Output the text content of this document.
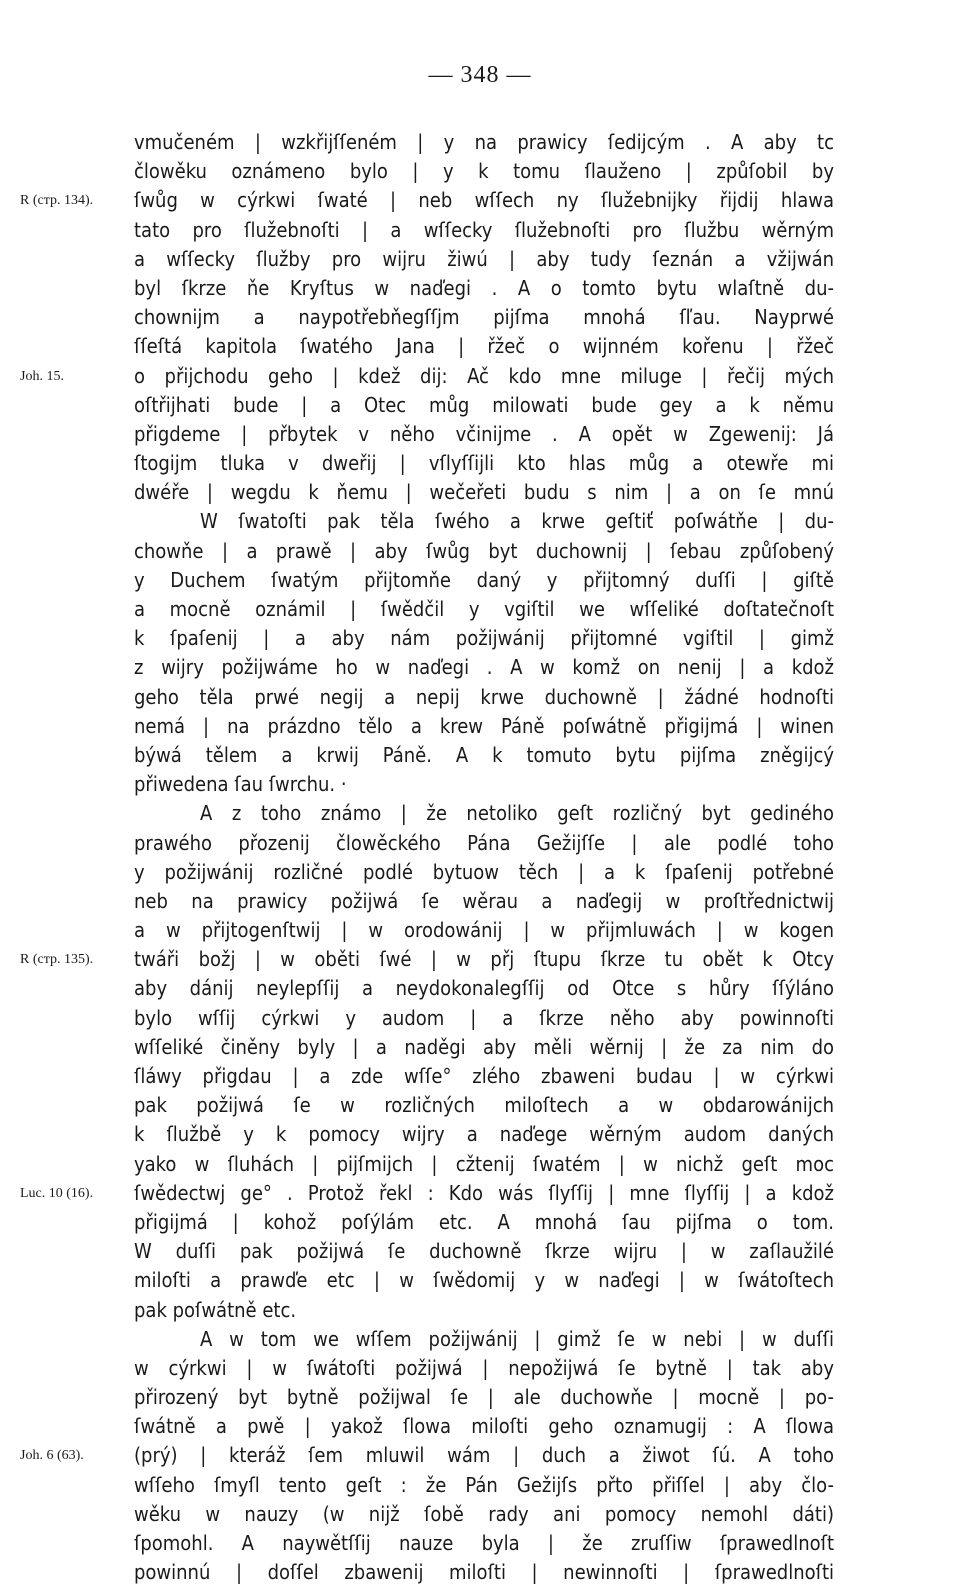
— 348 —
vmučeném | wzkřijſſeném | y na prawicy ſedijcým . A aby tc
člowěku oznámeno bylo | y k tomu ſlauženo | způſobil by
R (стр. 134).	ſwůg w cýrkwi ſwaté | neb wſſech ny ſlužebnijky řijdij hlawa
tato pro ſlužebnoſti | a wſſecky ſlužebnoſti pro ſlužbu wěrným
a wſſecky ſlužby pro wijru žiwú | aby tudy ſeznán a vžijwán
byl ſkrze ňe Kryſtus w naďegi . A o tomto bytu wlaſtně du-
chownijm a naypotřebňegſſjm pijſma mnohá ſľau. Nayprwé
ſſeſtá kapitola ſwatého Jana | řžeč o wijnném kořenu | řžeč
Joh. 15.	o přijchodu geho | kdež dij: Ač kdo mne miluge | řečij mých
oſtřijhati bude | a Otec můg milowati bude gey a k němu
přigdeme | přbytek v něho včinijme . A opět w Zgewenij: Já
ſtogijm tluka v dweřij | vſlyſſijli kto hlas můg a otewře mi
dwéře | wegdu k ňemu | wečeřeti budu s nim | a on ſe mnú
W ſwatoſti pak těla ſwého a krwe geſtiť poſwátňe | du-
chowňe | a prawě | aby ſwůg byt duchownij | ſebau způſobený
y Duchem ſwatým přijtomňe daný y přijtomný duſſi | giſtě
a mocně oznámil | ſwědčil y vgiſtil we wſſeliké doſtatečnoſt
k ſpaſenij | a aby nám požijwánij přijtomné vgiſtil | gimž
z wijry požijwáme ho w naďegi . A w komž on nenij | a kdož
geho těla prwé negij a nepij krwe duchowně | žádné hodnoſti
nemá | na prázdno tělo a krew Páně poſwátně přigijmá | winen
býwá tělem a krwij Páně. A k tomuto bytu pijſma zněgijcý
přiwedena ſau ſwrchu. ·
A z toho známo | že netoliko geſt rozličný byt gediného
prawého přozenij člowěckého Pána Gežijſſe | ale podlé toho
y požijwánij rozličné podlé bytuow těch | a k ſpaſenij potřebné
neb na prawicy požijwá ſe wěrau a naďegij w proſtřednictwij
a w přijtogenſtwij | w orodowánij | w přijmluwách | w kogen
R (стр. 135).	twáři božj | w oběti ſwé | w přj ſtupu ſkrze tu obět k Otcy
aby dánij neylepſſij a neydokonalegſſij od Otce s hůry ſſýláno
bylo wſſij cýrkwi y audom | a ſkrze něho aby powinnoſti
wſſeliké činěny byly | a naděgi aby měli wěrnij | že za nim do
ſláwy přigdau | a zde wſſe° zlého zbaweni budau | w cýrkwi
pak požijwá ſe w rozličných miloſtech a w obdarowánijch
k ſlužbě y k pomocy wijry a naďege wěrným audom daných
yako w ſluhách | pijſmijch | cžtenij ſwatém | w nichž geſt moc
Luc. 10 (16).	ſwědectwj ge° . Protož řekl : Kdo wás ſlyſſij | mne ſlyſſij | a kdož
přigijmá | kohož poſýlám etc. A mnohá ſau pijſma o tom.
W duſſi pak požijwá ſe duchowně ſkrze wijru | w zaſlaužilé
miloſti a prawďe etc | w ſwědomij y w naďegi | w ſwátoſtech
pak poſwátně etc.
A w tom we wſſem požijwánij | gimž ſe w nebi | w duſſi
w cýrkwi | w ſwátoſti požijwá | nepožijwá ſe bytně | tak aby
přirozený byt bytně požijwal ſe | ale duchowňe | mocně | po-
ſwátně a pwě | yakož ſlowa miloſti geho oznamugij : A ſlowa
Joh. 6 (63).	(prý) | kteráž ſem mluwil wám | duch a žiwot ſú. A toho
wſſeho ſmyſl tento geſt : že Pán Gežijſs přto přiſſel | aby člo-
wěku w nauzy (w nijž ſobě rady ani pomocy nemohl dáti)
ſpomohl. A naywětſſij nauze byla | že zruſſiw ſprawedlnoſt
powinnú | doſſel zbawenij miloſti | newinnoſti | ſprawedlnoſti
